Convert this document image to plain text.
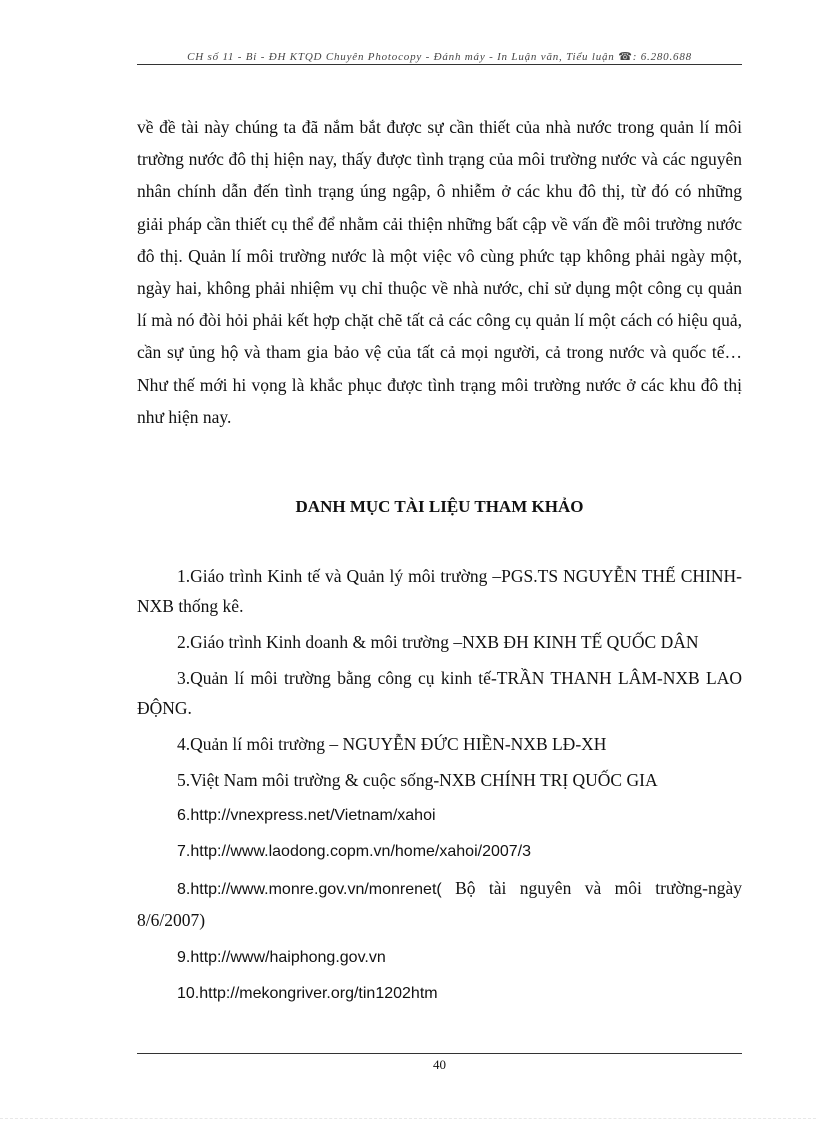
CH số 11 - Bỉ - ĐH KTQD Chuyên Photocopy - Đánh máy - In Luận văn, Tiểu luận ☎: 6.280.688
về đề tài này chúng ta đã nắm bắt được sự cần thiết của nhà nước trong quản lí môi trường nước đô thị hiện nay, thấy được tình trạng của môi trường nước và các nguyên nhân chính dẫn đến tình trạng úng ngập, ô nhiễm ở các khu đô thị, từ đó có những giải pháp cần thiết cụ thể để nhằm cải thiện những bất cập về vấn đề môi trường nước đô thị. Quản lí môi trường nước là một việc vô cùng phức tạp không phải ngày một, ngày hai, không phải nhiệm vụ chỉ thuộc về nhà nước, chỉ sử dụng một công cụ quản lí mà nó đòi hỏi phải kết hợp chặt chẽ tất cả các công cụ quản lí một cách có hiệu quả, cần sự ủng hộ và tham gia bảo vệ của tất cả mọi người, cả trong nước và quốc tế…Như thế mới hi vọng là khắc phục được tình trạng môi trường nước ở các khu đô thị như hiện nay.
DANH MỤC TÀI LIỆU THAM KHẢO
1.Giáo trình Kinh tế và Quản lý môi trường –PGS.TS NGUYỄN THẾ CHINH-NXB thống kê.
2.Giáo trình Kinh doanh & môi trường –NXB ĐH KINH TẾ QUỐC DÂN
3.Quản lí môi trường bằng công cụ kinh tế-TRẦN THANH LÂM-NXB LAO ĐỘNG.
4.Quản lí môi trường – NGUYỄN ĐỨC HIỀN-NXB LĐ-XH
5.Việt Nam môi trường & cuộc sống-NXB CHÍNH TRỊ QUỐC GIA
6.http://vnexpress.net/Vietnam/xahoi
7.http://www.laodong.copm.vn/home/xahoi/2007/3
8.http://www.monre.gov.vn/monrenet( Bộ tài nguyên và môi trường-ngày 8/6/2007)
9.http://www/haiphong.gov.vn
10.http://mekongriver.org/tin1202htm
40
